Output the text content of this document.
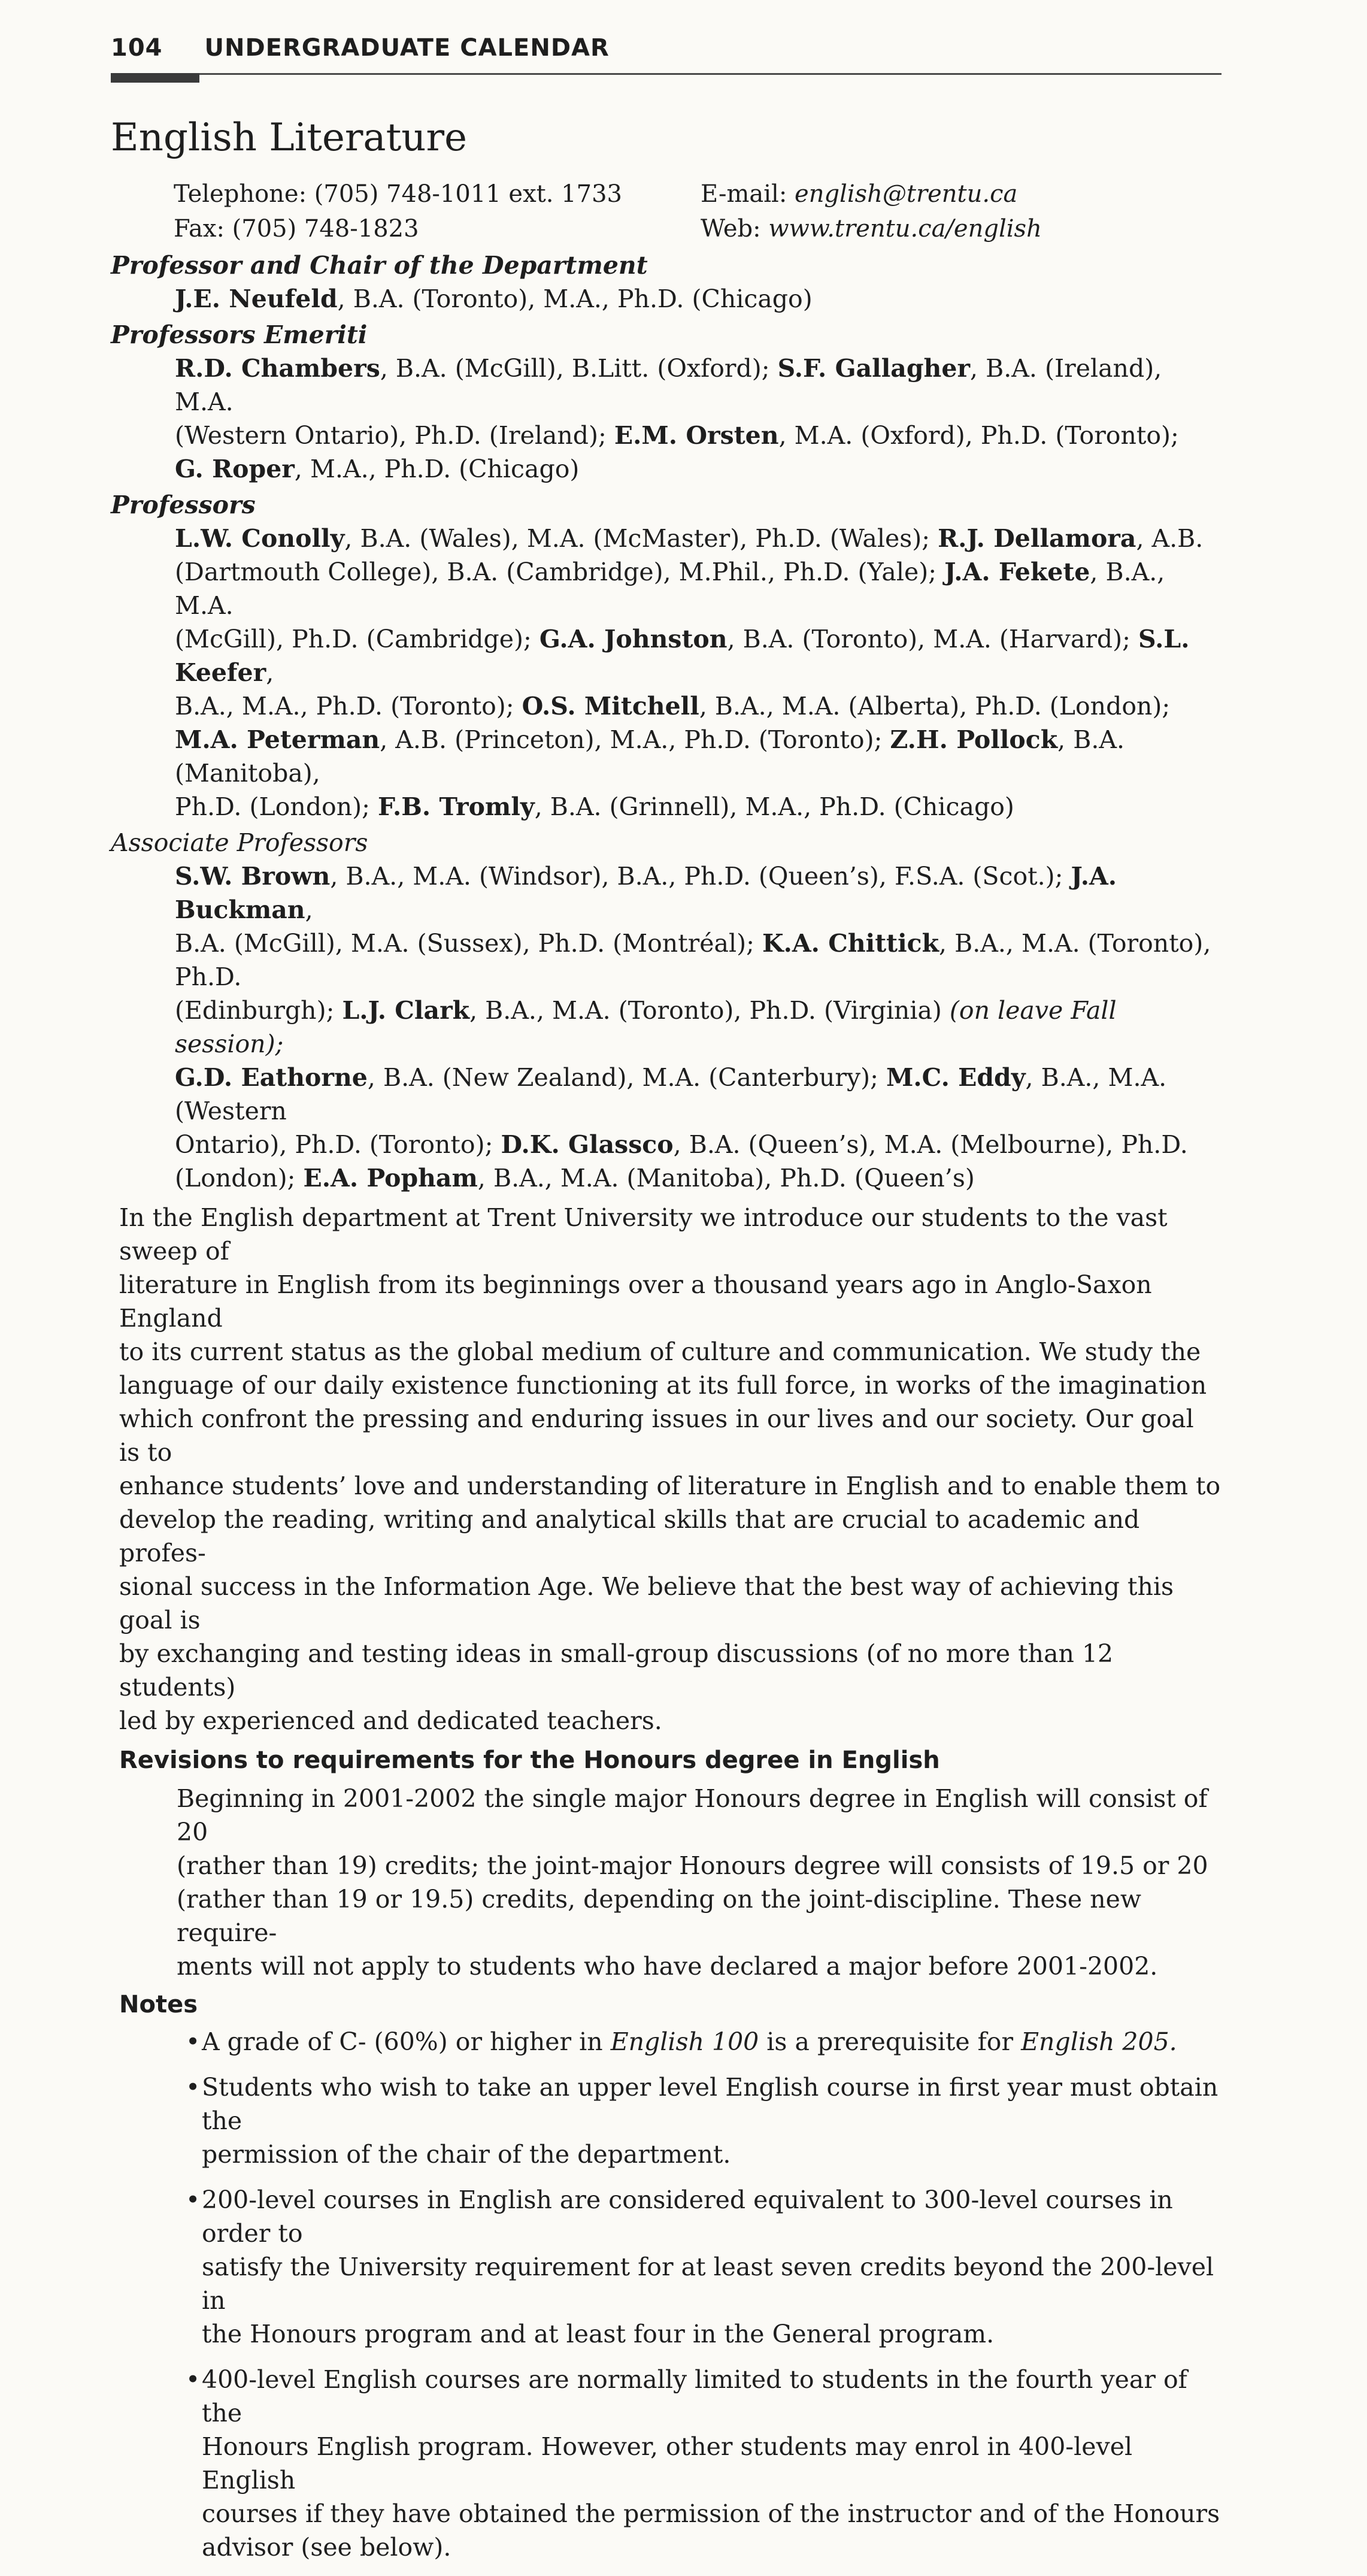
104 UNDERGRADUATE CALENDAR
English Literature
Telephone: (705) 748-1011 ext. 1733
Fax: (705) 748-1823
E-mail: english@trentu.ca
Web: www.trentu.ca/english
Professor and Chair of the Department

J.E. Neufeld, B.A. (Toronto), M.A., Ph.D. (Chicago)

Professors Emeriti

R.D. Chambers, B.A. (McGill), B.Litt. (Oxford); S.F. Gallagher, B.A. (Ireland), M.A.

(Western Ontario), Ph.D. (Ireland); E.M. Orsten, M.A. (Oxford), Ph.D. (Toronto);

G. Roper, M.A., Ph.D. (Chicago)

Professors

L.W. Conolly, B.A. (Wales), M.A. (McMaster), Ph.D. (Wales); R.J. Dellamora, A.B.

(Dartmouth College), B.A. (Cambridge), M.Phil., Ph.D. (Yale); J.A. Fekete, B.A., M.A.

(McGill), Ph.D. (Cambridge); G.A. Johnston, B.A. (Toronto), M.A. (Harvard); S.L. Keefer,

B.A., M.A., Ph.D. (Toronto); O.S. Mitchell, B.A., M.A. (Alberta), Ph.D. (London);

M.A. Peterman, A.B. (Princeton), M.A., Ph.D. (Toronto); Z.H. Pollock, B.A. (Manitoba),

Ph.D. (London); F.B. Tromly, B.A. (Grinnell), M.A., Ph.D. (Chicago)

Associate Professors

S.W. Brown, B.A., M.A. (Windsor), B.A., Ph.D. (Queen’s), F.S.A. (Scot.); J.A. Buckman,

B.A. (McGill), M.A. (Sussex), Ph.D. (Montréal); K.A. Chittick, B.A., M.A. (Toronto), Ph.D.

(Edinburgh); L.J. Clark, B.A., M.A. (Toronto), Ph.D. (Virginia) (on leave Fall session);

G.D. Eathorne, B.A. (New Zealand), M.A. (Canterbury); M.C. Eddy, B.A., M.A. (Western

Ontario), Ph.D. (Toronto); D.K. Glassco, B.A. (Queen’s), M.A. (Melbourne), Ph.D.

(London); E.A. Popham, B.A., M.A. (Manitoba), Ph.D. (Queen’s)

In the English department at Trent University we introduce our students to the vast sweep of
literature in English from its beginnings over a thousand years ago in Anglo-Saxon England
to its current status as the global medium of culture and communication. We study the
language of our daily existence functioning at its full force, in works of the imagination
which confront the pressing and enduring issues in our lives and our society. Our goal is to
enhance students’ love and understanding of literature in English and to enable them to
develop the reading, writing and analytical skills that are crucial to academic and profes-
sional success in the Information Age. We believe that the best way of achieving this goal is
by exchanging and testing ideas in small-group discussions (of no more than 12 students)
led by experienced and dedicated teachers.
Revisions to requirements for the Honours degree in English
Beginning in 2001-2002 the single major Honours degree in English will consist of 20
(rather than 19) credits; the joint-major Honours degree will consists of 19.5 or 20
(rather than 19 or 19.5) credits, depending on the joint-discipline. These new require-
ments will not apply to students who have declared a major before 2001-2002.
Notes
• A grade of C- (60%) or higher in English 100 is a prerequisite for English 205.
• Students who wish to take an upper level English course in first year must obtain the
permission of the chair of the department.
• 200-level courses in English are considered equivalent to 300-level courses in order to
satisfy the University requirement for at least seven credits beyond the 200-level in
the Honours program and at least four in the General program.
• 400-level English courses are normally limited to students in the fourth year of the
Honours English program. However, other students may enrol in 400-level English
courses if they have obtained the permission of the instructor and of the Honours
advisor (see below).
